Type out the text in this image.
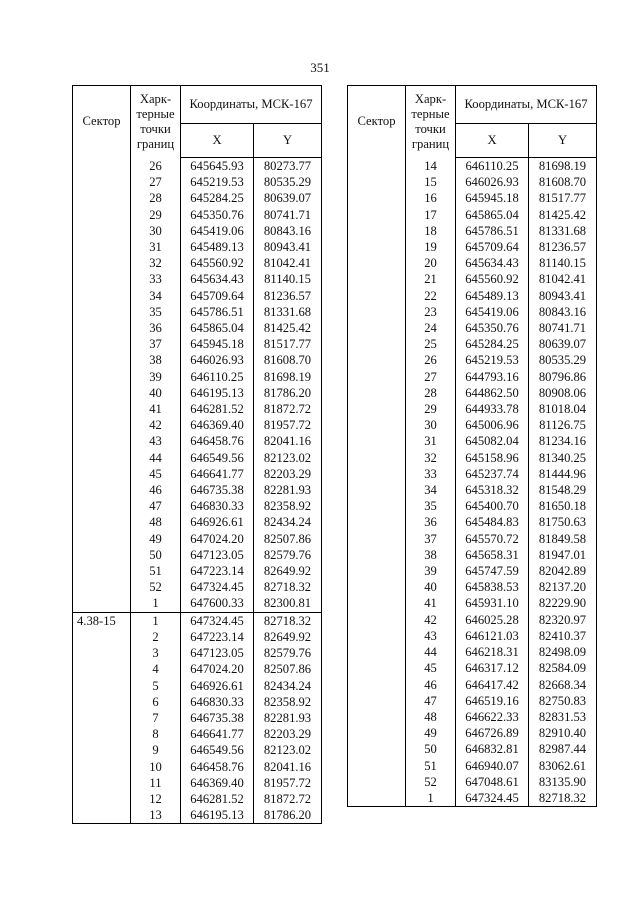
351
Сектор	Харк-терные точки границ	Координаты, МСК-167	
		X	Y
	26	645645.93	80273.77
	27	645219.53	80535.29
	28	645284.25	80639.07
	29	645350.76	80741.71
	30	645419.06	80843.16
	31	645489.13	80943.41
	32	645560.92	81042.41
	33	645634.43	81140.15
	34	645709.64	81236.57
	35	645786.51	81331.68
	36	645865.04	81425.42
	37	645945.18	81517.77
	38	646026.93	81608.70
	39	646110.25	81698.19
	40	646195.13	81786.20
	41	646281.52	81872.72
	42	646369.40	81957.72
	43	646458.76	82041.16
	44	646549.56	82123.02
	45	646641.77	82203.29
	46	646735.38	82281.93
	47	646830.33	82358.92
	48	646926.61	82434.24
	49	647024.20	82507.86
	50	647123.05	82579.76
	51	647223.14	82649.92
	52	647324.45	82718.32
	1	647600.33	82300.81
4.38-15	1	647324.45	82718.32
	2	647223.14	82649.92
	3	647123.05	82579.76
	4	647024.20	82507.86
	5	646926.61	82434.24
	6	646830.33	82358.92
	7	646735.38	82281.93
	8	646641.77	82203.29
	9	646549.56	82123.02
	10	646458.76	82041.16
	11	646369.40	81957.72
	12	646281.52	81872.72
	13	646195.13	81786.20
Сектор	Харк-терные точки границ	Координаты, МСК-167	
		X	Y
	14	646110.25	81698.19
	15	646026.93	81608.70
	16	645945.18	81517.77
	17	645865.04	81425.42
	18	645786.51	81331.68
	19	645709.64	81236.57
	20	645634.43	81140.15
	21	645560.92	81042.41
	22	645489.13	80943.41
	23	645419.06	80843.16
	24	645350.76	80741.71
	25	645284.25	80639.07
	26	645219.53	80535.29
	27	644793.16	80796.86
	28	644862.50	80908.06
	29	644933.78	81018.04
	30	645006.96	81126.75
	31	645082.04	81234.16
	32	645158.96	81340.25
	33	645237.74	81444.96
	34	645318.32	81548.29
	35	645400.70	81650.18
	36	645484.83	81750.63
	37	645570.72	81849.58
	38	645658.31	81947.01
	39	645747.59	82042.89
	40	645838.53	82137.20
	41	645931.10	82229.90
	42	646025.28	82320.97
	43	646121.03	82410.37
	44	646218.31	82498.09
	45	646317.12	82584.09
	46	646417.42	82668.34
	47	646519.16	82750.83
	48	646622.33	82831.53
	49	646726.89	82910.40
	50	646832.81	82987.44
	51	646940.07	83062.61
	52	647048.61	83135.90
	1	647324.45	82718.32
